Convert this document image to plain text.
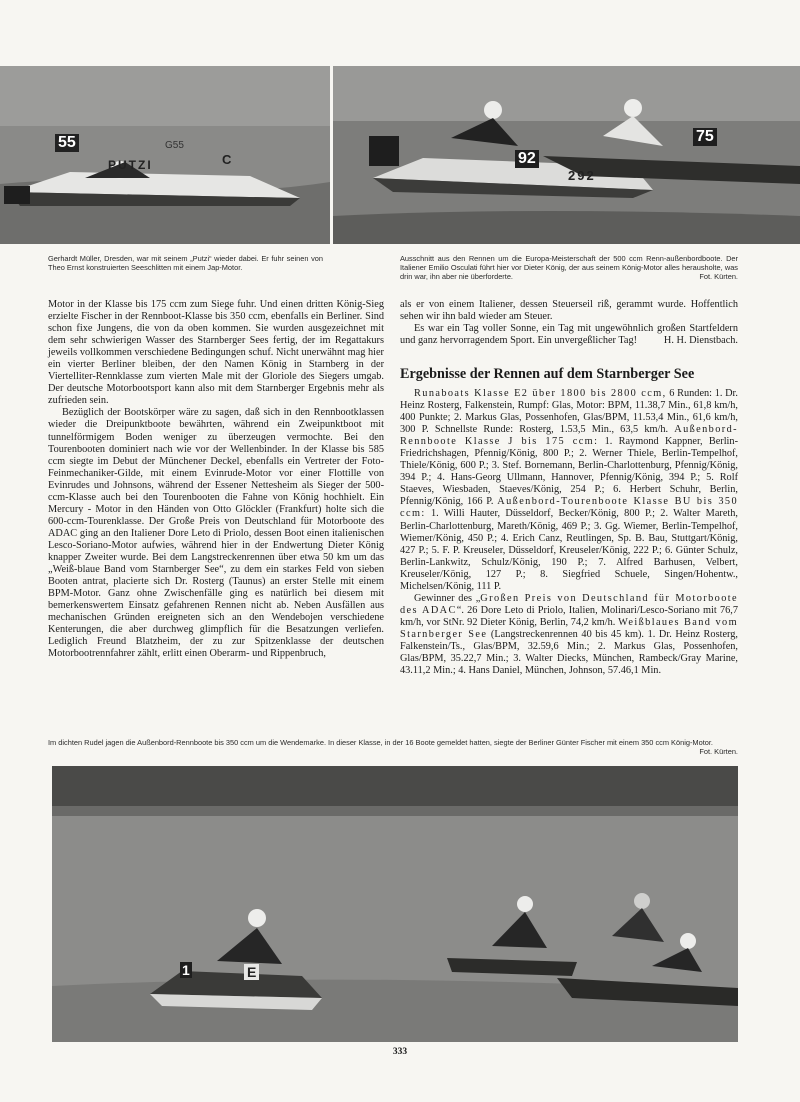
55	G55
PUTZI	C	92
75
292
Gerhardt Müller, Dresden, war mit seinem „Putzi“ wieder dabei. Er fuhr seinen von Theo Ernst konstruierten Seeschlitten mit einem Jap-Motor.
Ausschnitt aus den Rennen um die Europa-Meisterschaft der 500 ccm Renn-außenbordboote. Der Italiener Emilio Osculati führt hier vor Dieter König, der aus seinem König-Motor alles herausholte, was drin war, ihn aber nie überforderte.	Fot. Kürten.

Motor in der Klasse bis 175 ccm zum Siege fuhr. Und einen dritten König-Sieg erzielte Fischer in der Rennboot-Klasse bis 350 ccm, ebenfalls ein Berliner. Sind schon fixe Jungens, die von da oben kommen. Sie wurden ausgezeichnet mit dem sehr schwierigen Wasser des Starnberger Sees fertig, der im Regattakurs jeweils vollkommen verschiedene Bedingungen schuf. Nicht unerwähnt mag hier ein vierter Berliner bleiben, der den Namen König in Starnberg in der Viertelliter-Rennklasse zum vierten Male mit der Gloriole des Siegers umgab. Der deutsche Motorbootsport kann also mit dem Starnberger Ergebnis mehr als zufrieden sein.

Bezüglich der Bootskörper wäre zu sagen, daß sich in den Rennbootklassen wieder die Dreipunktboote bewährten, während ein Zweipunktboot mit tunnelförmigem Boden weniger zu überzeugen vermochte. Bei den Tourenbooten dominiert nach wie vor der Wellenbinder. In der Klasse bis 585 ccm siegte im Debut der Münchener Deckel, ebenfalls ein Vertreter der Foto-Feinmechaniker-Gilde, mit einem Evinrude-Motor vor einer Flottille von Evinrudes und Johnsons, während der Essener Nettesheim als Sieger der 500-ccm-Klasse auch bei den Tourenbooten die Fahne von König hochhielt. Ein Mercury - Motor in den Händen von Otto Glöckler (Frankfurt) holte sich die 600-ccm-Tourenklasse. Der Große Preis von Deutschland für Motorboote des ADAC ging an den Italiener Dore Leto di Priolo, dessen Boot einen italienischen Lesco-Soriano-Motor aufwies, während hier in der Endwertung Dieter König knapper Zweiter wurde. Bei dem Langstreckenrennen über etwa 50 km um das „Weiß-blaue Band vom Starnberger See“, zu dem ein starkes Feld von sieben Booten antrat, placierte sich Dr. Rosterg (Taunus) an erster Stelle mit einem BPM-Motor. Ganz ohne Zwischenfälle ging es natürlich bei diesem mit bemerkenswertem Einsatz gefahrenen Rennen nicht ab. Neben Ausfällen aus mechanischen Gründen ereigneten sich an den Wendebojen verschiedene Kenterungen, die aber durchweg glimpflich für die Besatzungen verliefen. Lediglich Freund Blatzheim, der zu zur Spitzenklasse der deutschen Motorbootrennfahrer zählt, erlitt einen Oberarm- und Rippenbruch,

als er von einem Italiener, dessen Steuerseil riß, gerammt wurde. Hoffentlich sehen wir ihn bald wieder am Steuer.

Es war ein Tag voller Sonne, ein Tag mit ungewöhnlich großen Startfeldern und ganz hervorragendem Sport. Ein unvergeßlicher Tag!	H. H. Dienstbach.

Ergebnisse der Rennen auf dem Starnberger See

Runaboats Klasse E2 über 1800 bis 2800 ccm, 6 Runden: 1. Dr. Heinz Rosterg, Falkenstein, Rumpf: Glas, Motor: BPM, 11.38,7 Min., 61,8 km/h, 400 Punkte; 2. Markus Glas, Possenhofen, Glas/BPM, 11.53,4 Min., 61,6 km/h, 300 P. Schnellste Runde: Rosterg, 1.53,5 Min., 63,5 km/h. Außenbord-Rennboote Klasse J bis 175 ccm: 1. Raymond Kappner, Berlin-Friedrichshagen, Pfennig/König, 800 P.; 2. Werner Thiele, Berlin-Tempelhof, Thiele/König, 600 P.; 3. Stef. Bornemann, Berlin-Charlottenburg, Pfennig/König, 394 P.; 4. Hans-Georg Ullmann, Hannover, Pfennig/König, 394 P.; 5. Rolf Staeves, Wiesbaden, Staeves/König, 254 P.; 6. Herbert Schuhr, Berlin, Pfennig/König, 166 P. Außenbord-Tourenboote Klasse BU bis 350 ccm: 1. Willi Hauter, Düsseldorf, Becker/König, 800 P.; 2. Walter Mareth, Berlin-Charlottenburg, Mareth/König, 469 P.; 3. Gg. Wiemer, Berlin-Tempelhof, Wiemer/König, 450 P.; 4. Erich Canz, Reutlingen, Sp. B. Bau, Stuttgart/König, 427 P.; 5. F. P. Kreuseler, Düsseldorf, Kreuseler/König, 222 P.; 6. Günter Schulz, Berlin-Lankwitz, Schulz/König, 190 P.; 7. Alfred Barhusen, Velbert, Kreuseler/König, 127 P.; 8. Siegfried Schuele, Singen/Hohentw., Michelsen/König, 111 P.

Gewinner des „Großen Preis von Deutschland für Motorboote des ADAC“. 26 Dore Leto di Priolo, Italien, Molinari/Lesco-Soriano mit 76,7 km/h, vor StNr. 92 Dieter König, Berlin, 74,2 km/h. Weißblaues Band vom Starnberger See (Langstreckenrennen 40 bis 45 km). 1. Dr. Heinz Rosterg, Falkenstein/Ts., Glas/BPM, 32.59,6 Min.; 2. Markus Glas, Possenhofen, Glas/BPM, 35.22,7 Min.; 3. Walter Diecks, München, Rambeck/Gray Marine, 43.11,2 Min.; 4. Hans Daniel, München, Johnson, 57.46,1 Min.

Im dichten Rudel jagen die Außenbord-Rennboote bis 350 ccm um die Wendemarke. In dieser Klasse, in der 16 Boote gemeldet hatten, siegte der Berliner Günter Fischer mit einem 350 ccm König-Motor.
Fot. Kürten.
1	E
333
